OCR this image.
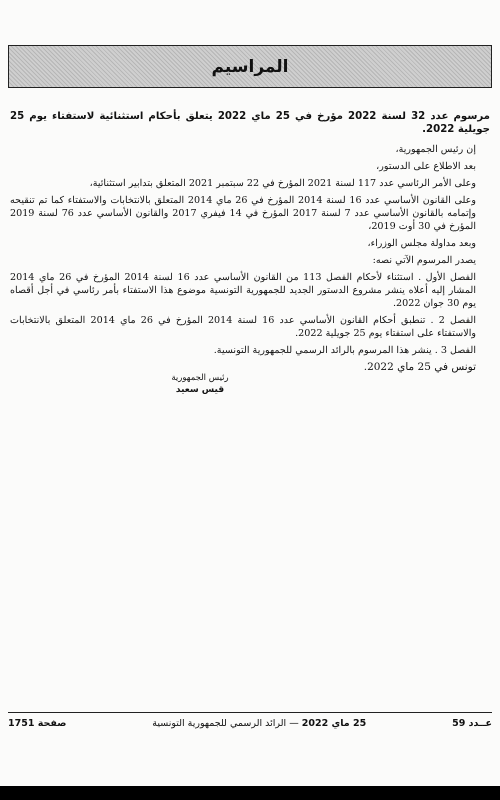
المراسيم

مرسوم عدد 32 لسنة 2022 مؤرخ في 25 ماي 2022 يتعلق بأحكام استثنائية لاستفتاء يوم 25 جويلية 2022.

إن رئيس الجمهورية،

بعد الاطلاع على الدستور،

وعلى الأمر الرئاسي عدد 117 لسنة 2021 المؤرخ في 22 سبتمبر 2021 المتعلق بتدابير استثنائية،

وعلى القانون الأساسي عدد 16 لسنة 2014 المؤرخ في 26 ماي 2014 المتعلق بالانتخابات والاستفتاء كما تم تنقيحه وإتمامه بالقانون الأساسي عدد 7 لسنة 2017 المؤرخ في 14 فيفري 2017 والقانون الأساسي عدد 76 لسنة 2019 المؤرخ في 30 أوت 2019،

وبعد مداولة مجلس الوزراء،

يصدر المرسوم الآتي نصه:

الفصل الأول . استثناء لأحكام الفصل 113 من القانون الأساسي عدد 16 لسنة 2014 المؤرخ في 26 ماي 2014 المشار إليه أعلاه ينشر مشروع الدستور الجديد للجمهورية التونسية موضوع هذا الاستفتاء بأمر رئاسي في أجل أقصاه يوم 30 جوان 2022.

الفصل 2 . تنطبق أحكام القانون الأساسي عدد 16 لسنة 2014 المؤرخ في 26 ماي 2014 المتعلق بالانتخابات والاستفتاء على استفتاء يوم 25 جويلية 2022.

الفصل 3 . ينشر هذا المرسوم بالرائد الرسمي للجمهورية التونسية.

تونس في 25 ماي 2022.

رئيس الجمهورية
قيس سعيد
صفحة 1751	25 ماي 2022 — الرائد الرسمي للجمهورية التونسية	عــدد 59
